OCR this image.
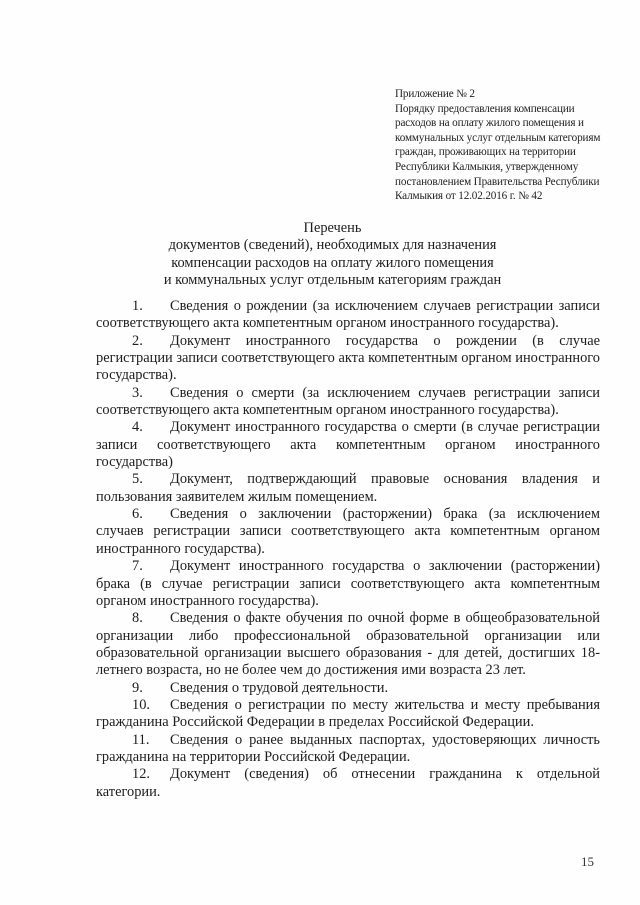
Приложение № 2
Порядку предоставления компенсации
расходов на оплату жилого помещения и
коммунальных услуг отдельным категориям
граждан, проживающих на территории
Республики Калмыкия, утвержденному
постановлением Правительства Республики
Калмыкия от 12.02.2016 г. № 42
Перечень
документов (сведений), необходимых для назначения
компенсации расходов на оплату жилого помещения
и коммунальных услуг отдельным категориям граждан

1. Сведения о рождении (за исключением случаев регистрации записи соответствующего акта компетентным органом иностранного государства).

2. Документ иностранного государства о рождении (в случае регистрации записи соответствующего акта компетентным органом иностранного государства).

3. Сведения о смерти (за исключением случаев регистрации записи соответствующего акта компетентным органом иностранного государства).

4. Документ иностранного государства о смерти (в случае регистрации записи соответствующего акта компетентным органом иностранного государства)

5. Документ, подтверждающий правовые основания владения и пользования заявителем жилым помещением.

6. Сведения о заключении (расторжении) брака (за исключением случаев регистрации записи соответствующего акта компетентным органом иностранного государства).

7. Документ иностранного государства о заключении (расторжении) брака (в случае регистрации записи соответствующего акта компетентным органом иностранного государства).

8. Сведения о факте обучения по очной форме в общеобразовательной организации либо профессиональной образовательной организации или образовательной организации высшего образования - для детей, достигших 18-летнего возраста, но не более чем до достижения ими возраста 23 лет.

9. Сведения о трудовой деятельности.

10. Сведения о регистрации по месту жительства и месту пребывания гражданина Российской Федерации в пределах Российской Федерации.

11. Сведения о ранее выданных паспортах, удостоверяющих личность гражданина на территории Российской Федерации.

12. Документ (сведения) об отнесении гражданина к отдельной категории.

15
